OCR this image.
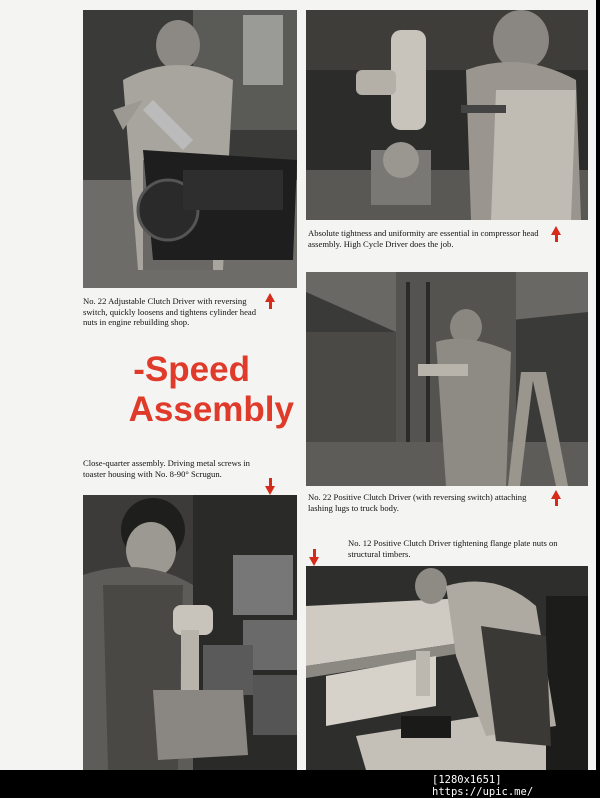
No. 22 Adjustable Clutch Driver with reversing switch, quickly loosens and tightens cylinder head nuts in engine rebuilding shop.
Absolute tightness and uniformity are essential in compressor head assembly. High Cycle Driver does the job.
-Speed
Assembly
No. 22 Positive Clutch Driver (with reversing switch) attaching lashing lugs to truck body.
Close-quarter assembly. Driving metal screws in toaster housing with No. 8-90° Scrugun.
No. 12 Positive Clutch Driver tightening flange plate nuts on structural timbers.
[1280x1651] https://upic.me/
